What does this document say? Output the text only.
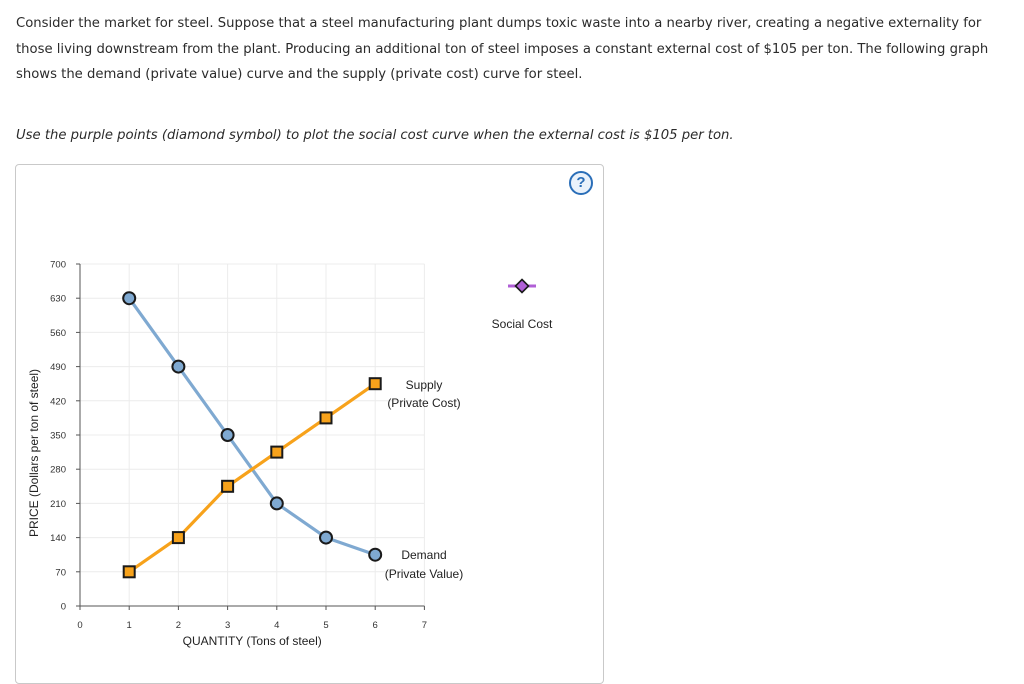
Consider the market for steel. Suppose that a steel manufacturing plant dumps toxic waste into a nearby river, creating a negative externality for those living downstream from the plant. Producing an additional ton of steel imposes a constant external cost of $105 per ton. The following graph shows the demand (private value) curve and the supply (private cost) curve for steel.

Use the purple points (diamond symbol) to plot the social cost curve when the external cost is $105 per ton.

?
0
70
140
210
280
350
420
490
560
630
700
0	1	2	3	4	5	6	7
QUANTITY (Tons of steel)
PRICE (Dollars per ton of steel)
Demand
(Private Value)
Supply
(Private Cost)
Social Cost
